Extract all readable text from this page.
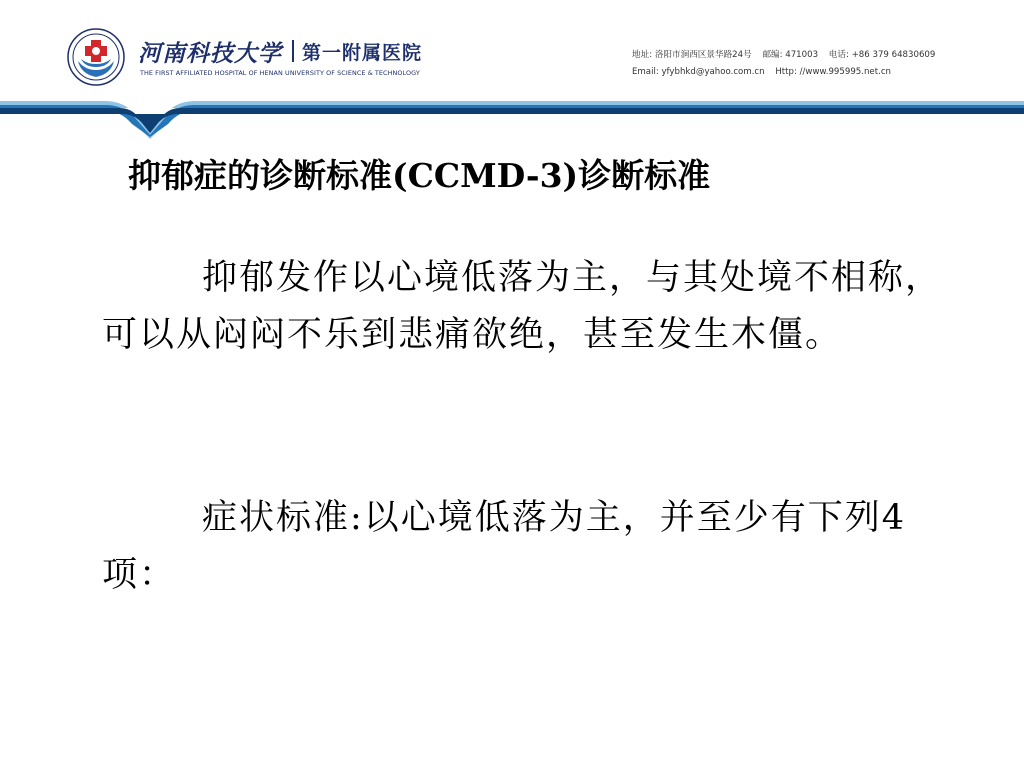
河南科技大学 第一附属医院
THE FIRST AFFILIATED HOSPITAL OF HENAN UNIVERSITY OF SCIENCE & TECHNOLOGY
地址: 洛阳市涧西区景华路24号 邮编: 471003 电话: +86 379 64830609
Email: yfybhkd@yahoo.com.cn Http: //www.995995.net.cn
抑郁症的诊断标准(CCMD-3)诊断标准
抑郁发作以心境低落为主，与其处境不相称，可以从闷闷不乐到悲痛欲绝，甚至发生木僵。
症状标准:以心境低落为主，并至少有下列4项：
